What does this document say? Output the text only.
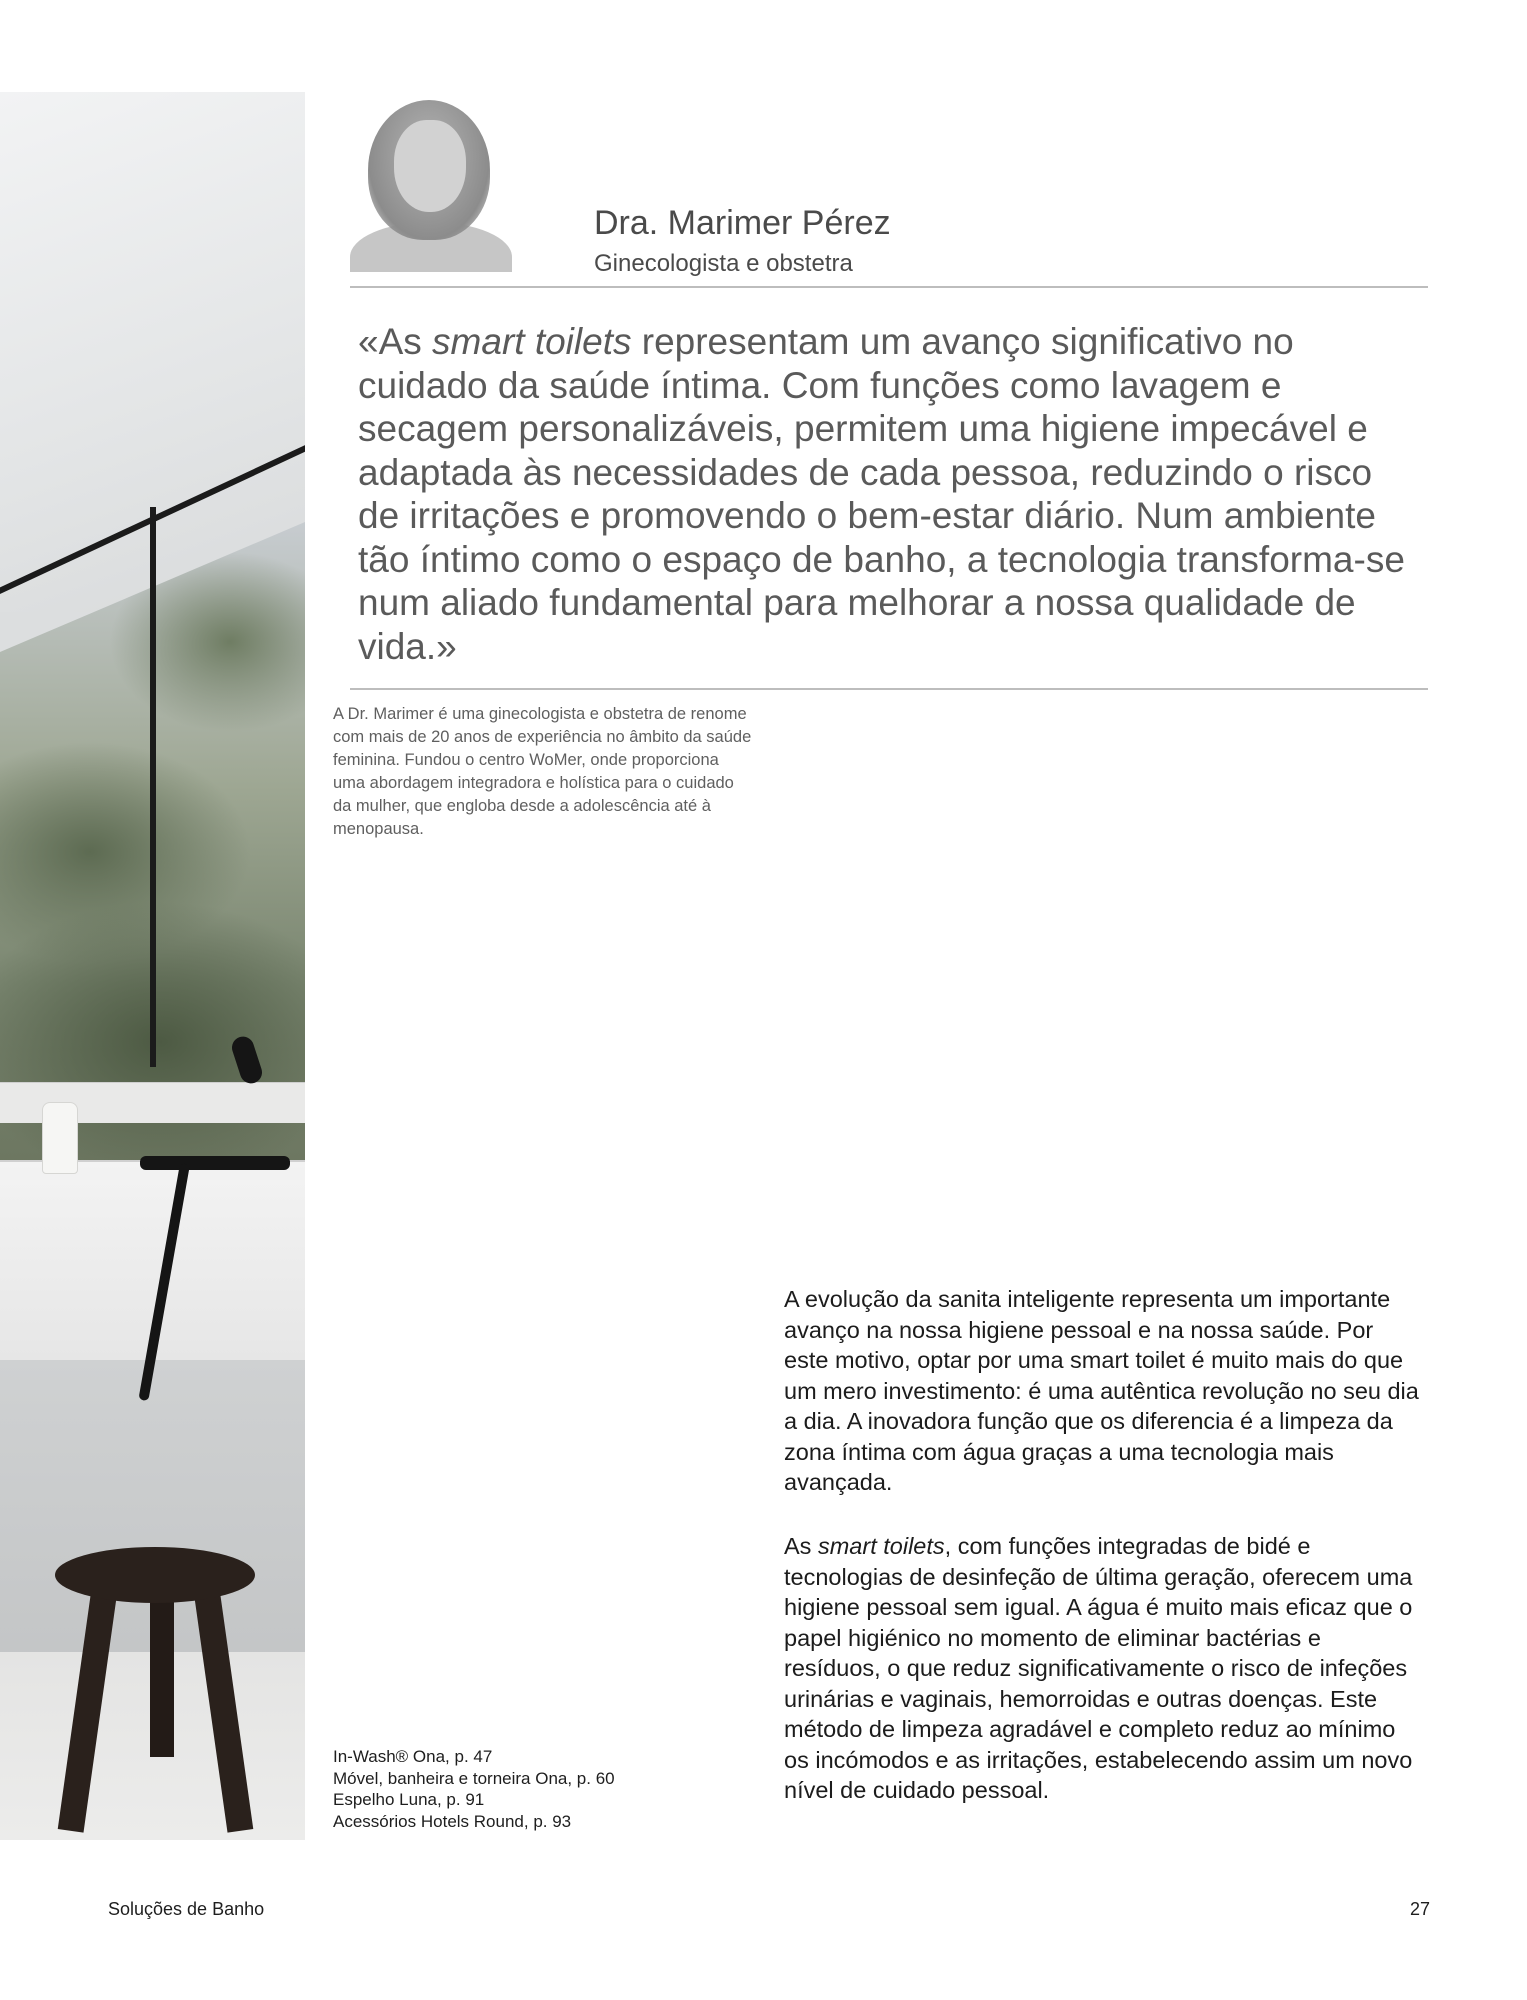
Dra. Marimer Pérez
Ginecologista e obstetra

«As smart toilets representam um avanço significativo no cuidado da saúde íntima. Com funções como lavagem e secagem personalizáveis, permitem uma higiene impecável e adaptada às necessidades de cada pessoa, reduzindo o risco de irritações e promovendo o bem-estar diário. Num ambiente tão íntimo como o espaço de banho, a tecnologia transforma-se num aliado fundamental para melhorar a nossa qualidade de vida.»

A Dr. Marimer é uma ginecologista e obstetra de renome com mais de 20 anos de experiência no âmbito da saúde feminina. Fundou o centro WoMer, onde proporciona uma abordagem integradora e holística para o cuidado da mulher, que engloba desde a adolescência até à menopausa.

A evolução da sanita inteligente representa um importante avanço na nossa higiene pessoal e na nossa saúde. Por este motivo, optar por uma smart toilet é muito mais do que um mero investimento: é uma autêntica revolução no seu dia a dia. A inovadora função que os diferencia é a limpeza da zona íntima com água graças a uma tecnologia mais avançada.

As smart toilets, com funções integradas de bidé e tecnologias de desinfeção de última geração, oferecem uma higiene pessoal sem igual. A água é muito mais eficaz que o papel higiénico no momento de eliminar bactérias e resíduos, o que reduz significativamente o risco de infeções urinárias e vaginais, hemorroidas e outras doenças. Este método de limpeza agradável e completo reduz ao mínimo os incómodos e as irritações, estabelecendo assim um novo nível de cuidado pessoal.

In-Wash® Ona, p. 47
Móvel, banheira e torneira Ona, p. 60
Espelho Luna, p. 91
Acessórios Hotels Round, p. 93
Soluções de Banho	27
